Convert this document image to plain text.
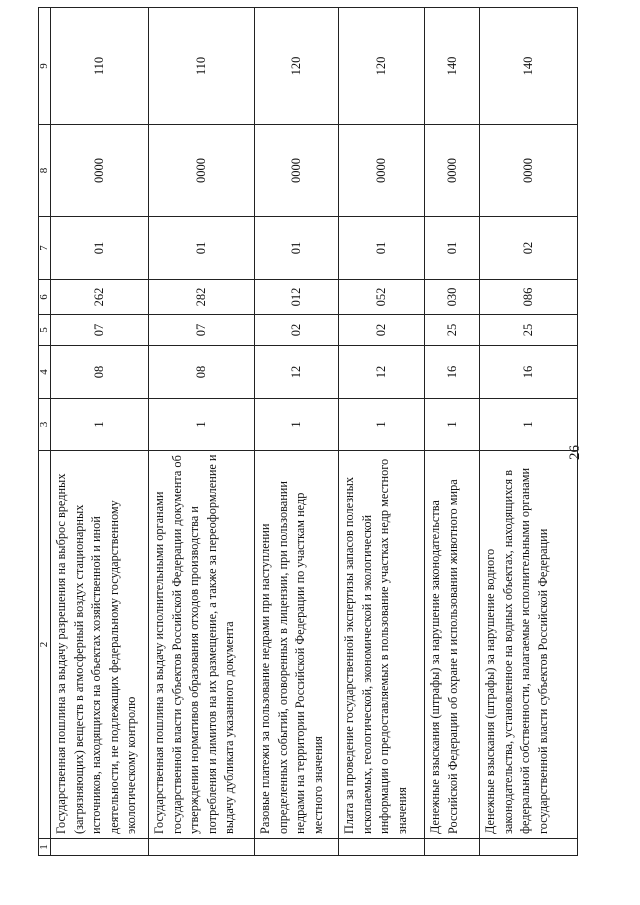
26
1	2	3	4	5	6	7	8	9
	Государственная пошлина за выдачу разрешения на выброс вредных (загрязняющих) веществ в атмосферный воздух стационарных источников, находящихся на объектах хозяйственной и иной деятельности, не подлежащих федеральному государственному экологическому контролю	1	08	07	262	01	0000	110
	Государственная пошлина за выдачу исполнительными органами государственной власти субъектов Российской Федерации документа об утверждении нормативов образования отходов производства и потребления и лимитов на их размещение, а также за переоформление и выдачу дубликата указанного документа	1	08	07	282	01	0000	110
	Разовые платежи за пользование недрами при наступлении определенных событий, оговоренных в лицензии, при пользовании недрами на территории Российской Федерации по участкам недр местного значения	1	12	02	012	01	0000	120
	Плата за проведение государственной экспертизы запасов полезных ископаемых, геологической, экономической и экологической информации о предоставляемых в пользование участках недр местного значения	1	12	02	052	01	0000	120
	Денежные взыскания (штрафы) за нарушение законодательства Российской Федерации об охране и использовании животного мира	1	16	25	030	01	0000	140
	Денежные взыскания (штрафы) за нарушение водного законодательства, установленное на водных объектах, находящихся в федеральной собственности, налагаемые исполнительными органами государственной власти субъектов Российской Федерации	1	16	25	086	02	0000	140
